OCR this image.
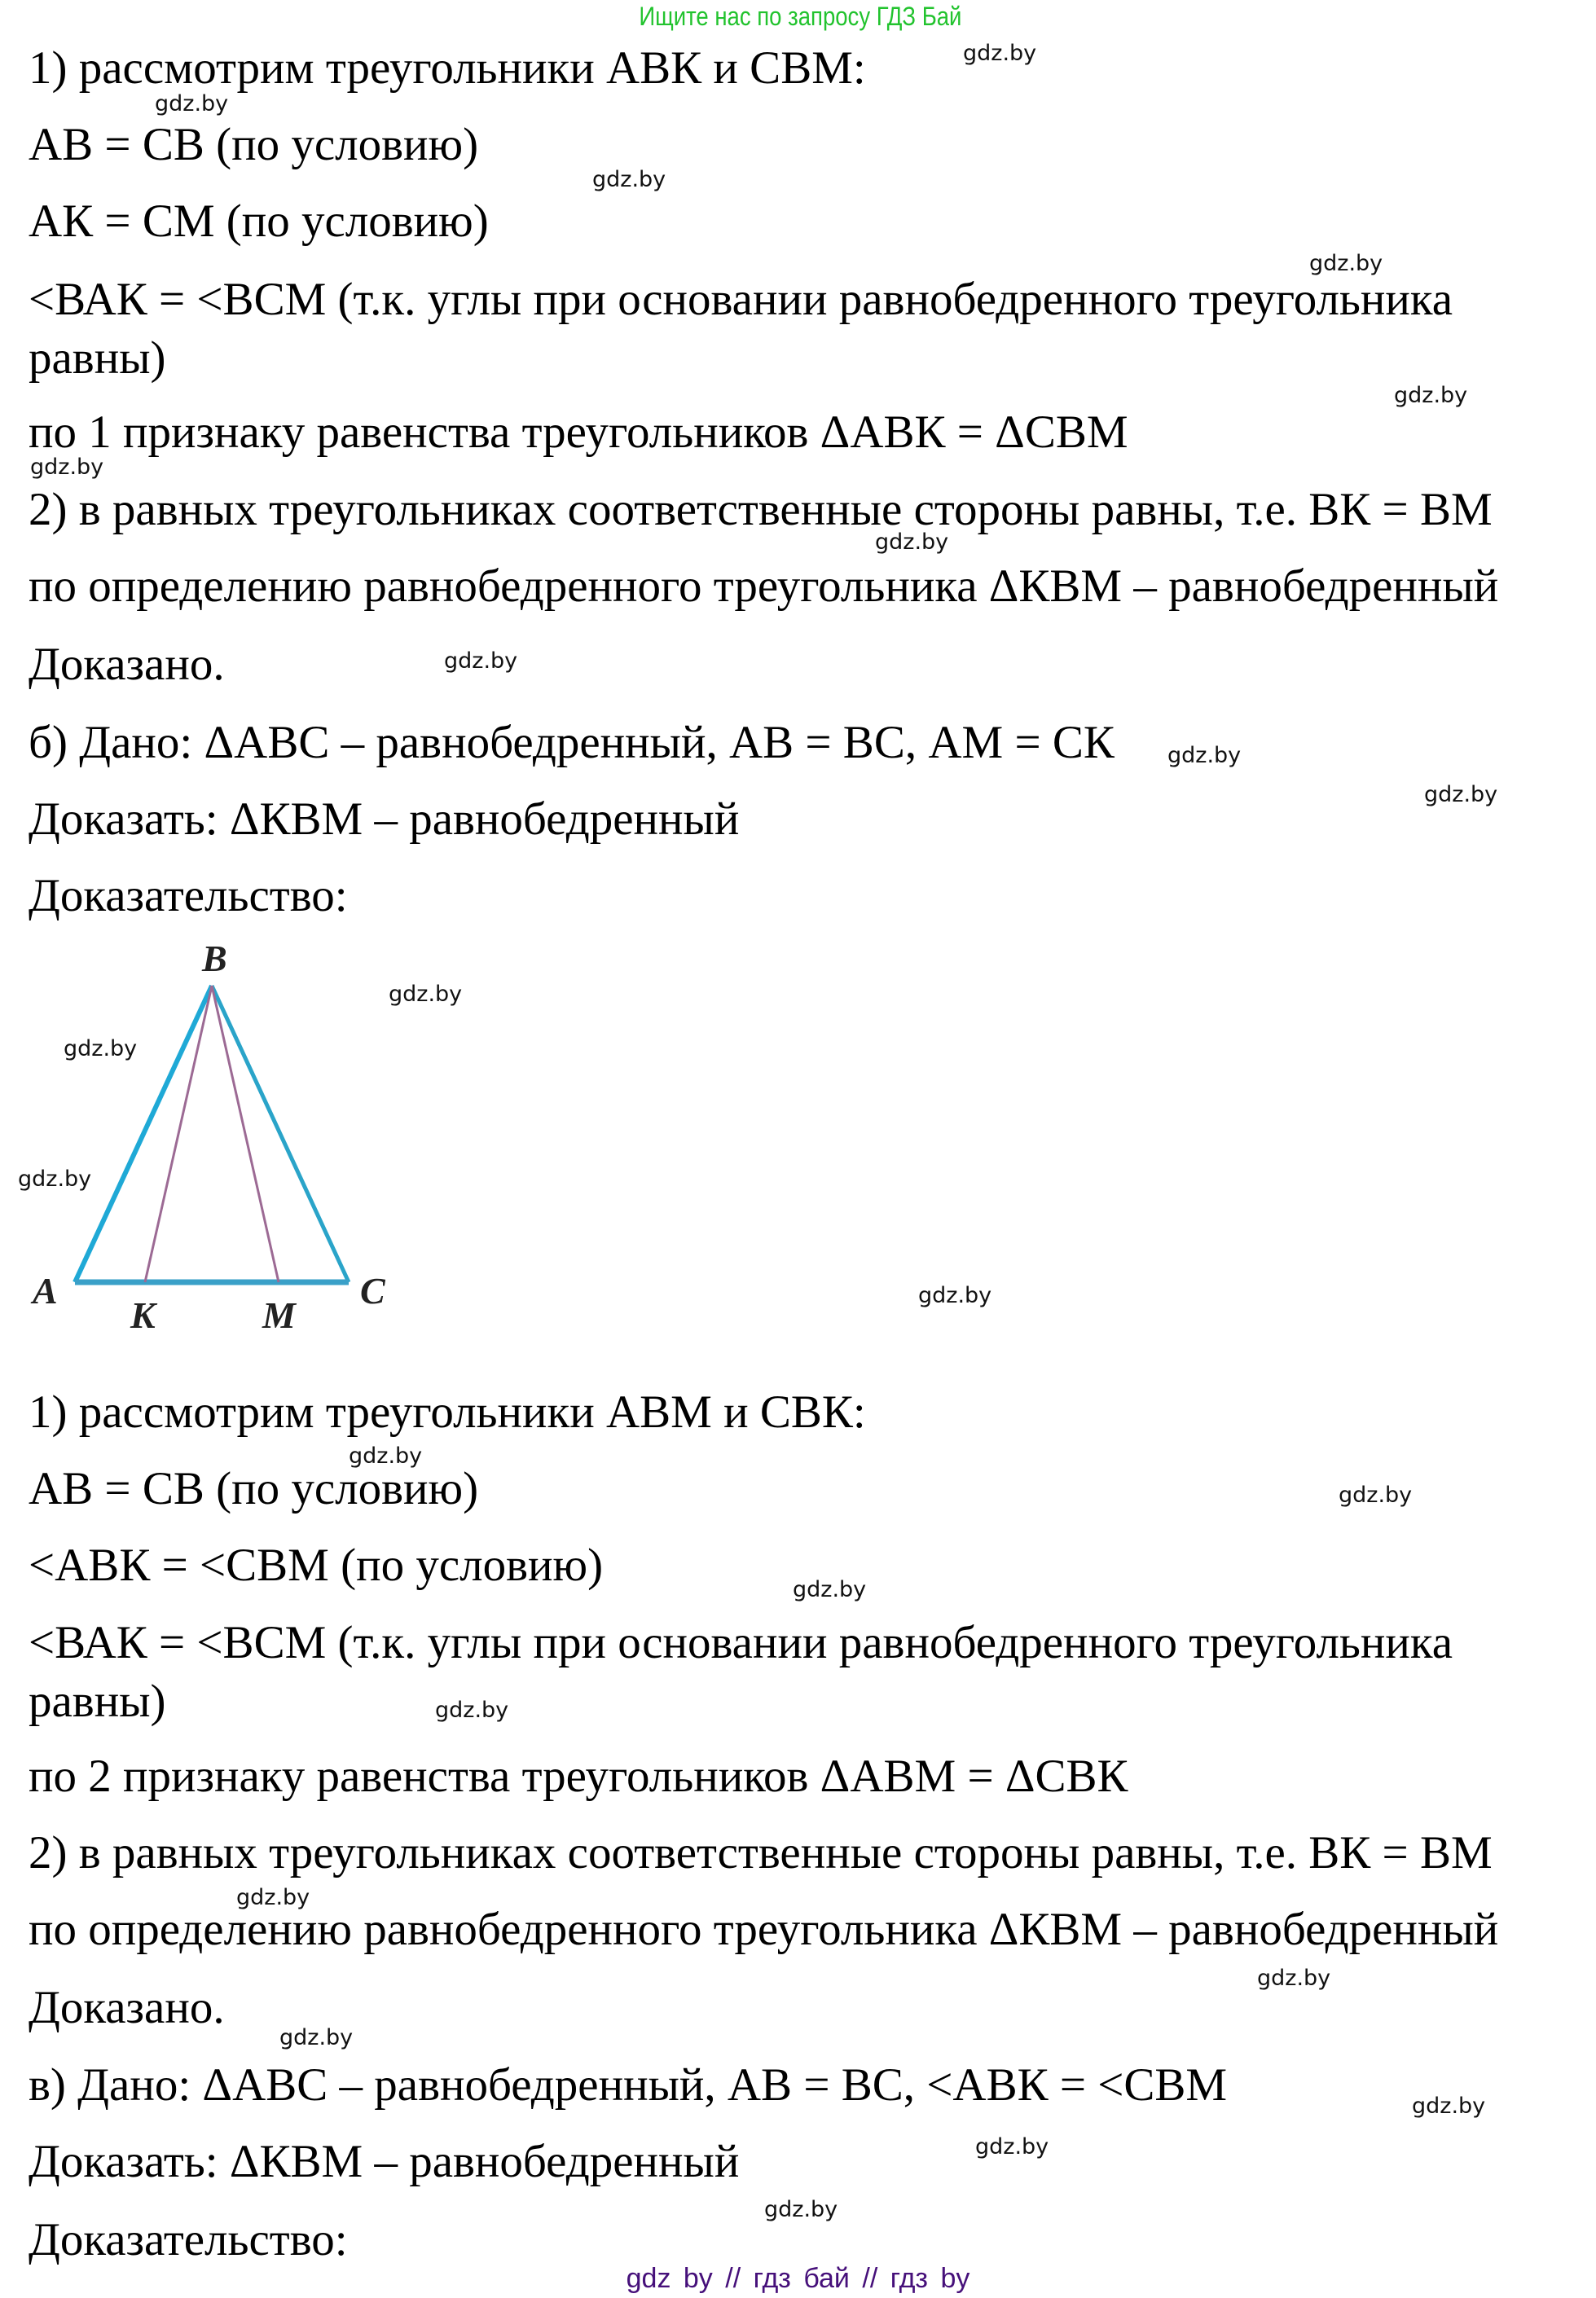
Ищите нас по запросу ГДЗ Бай
1) рассмотрим треугольники АВК и СВМ:
АВ = СВ (по условию)
АК = СМ (по условию)
<ВАК = <ВСМ (т.к. углы при основании равнобедренного треугольника
равны)
по 1 признаку равенства треугольников ΔАВК = ΔСВМ
2) в равных треугольниках соответственные стороны равны, т.е. ВК = ВМ
по определению равнобедренного треугольника ΔКВМ – равнобедренный
Доказано.
б) Дано: ΔАВС – равнобедренный, АВ = ВС, АМ = СК
Доказать: ΔКВМ – равнобедренный
Доказательство:
B
A
K	M
C
1) рассмотрим треугольники АВМ и СВК:
АВ = СВ (по условию)
<АВК = <СВМ (по условию)
<ВАК = <ВСМ (т.к. углы при основании равнобедренного треугольника
равны)
по 2 признаку равенства треугольников ΔАВМ = ΔСВК
2) в равных треугольниках соответственные стороны равны, т.е. ВК = ВМ
по определению равнобедренного треугольника ΔКВМ – равнобедренный
Доказано.
в) Дано: ΔАВС – равнобедренный, АВ = ВС, <АВК = <СВМ
Доказать: ΔКВМ – равнобедренный
Доказательство:
gdz.by
gdz.by
gdz.by
gdz.by
gdz.by
gdz.by
gdz.by
gdz.by
gdz.by
gdz.by
gdz.by
gdz.by
gdz.by
gdz.by
gdz.by
gdz.by
gdz.by
gdz.by
gdz.by
gdz.by
gdz.by
gdz.by
gdz.by
gdz.by
gdz by // гдз бай // гдз by
